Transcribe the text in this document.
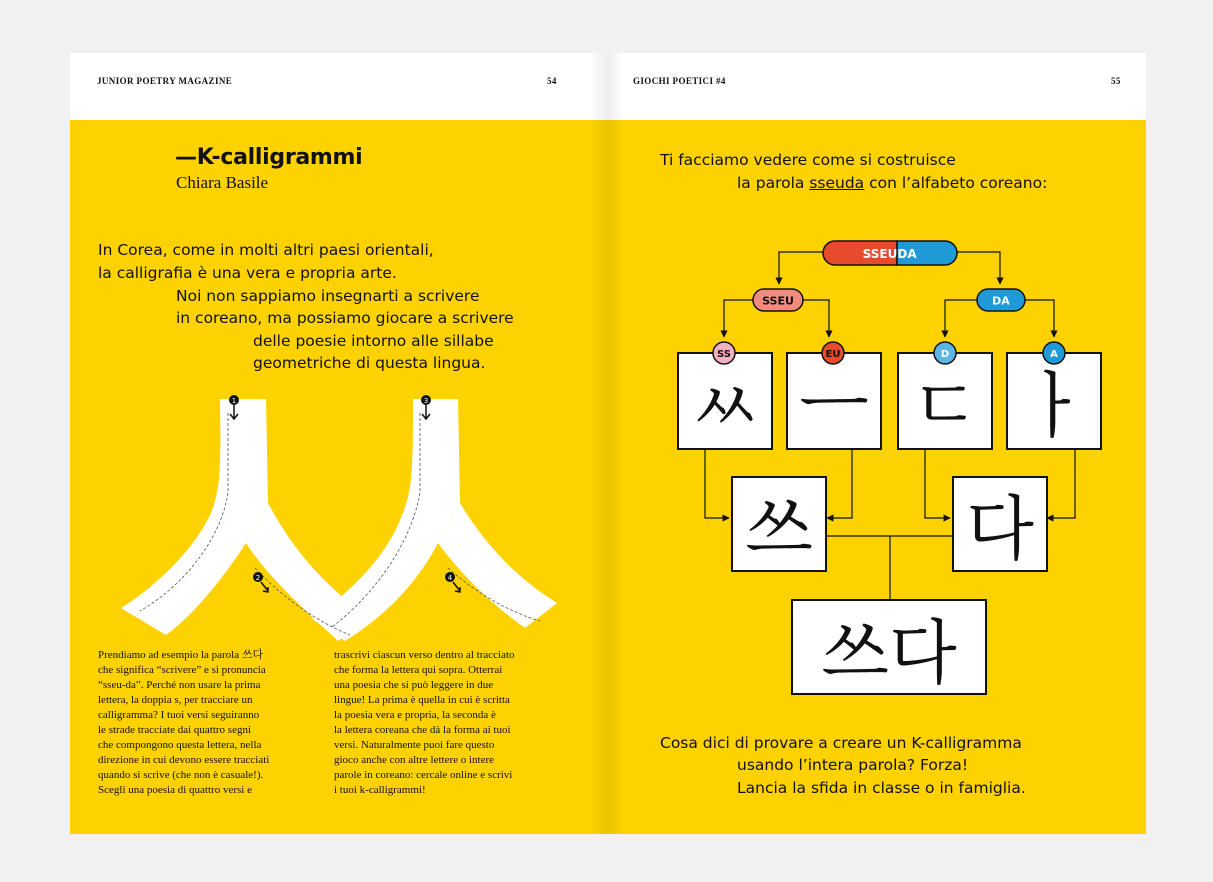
JUNIOR POETRY MAGAZINE	54
—K-calligrammi
Chiara Basile
In Corea, come in molti altri paesi orientali,
la calligrafia è una vera e propria arte.
Noi non sappiamo insegnarti a scrivere
in coreano, ma possiamo giocare a scrivere
delle poesie intorno alle sillabe
geometriche di questa lingua.
1
2
3
4
Prendiamo ad esempio la parola 쓰다
che significa “scrivere” e si pronuncia
“sseu-da”. Perché non usare la prima
lettera, la doppia s, per tracciare un
calligramma? I tuoi versi seguiranno
le strade tracciate dai quattro segni
che compongono questa lettera, nella
direzione in cui devono essere tracciati
quando si scrive (che non è casuale!).
Scegli una poesia di quattro versi e
trascrivi ciascun verso dentro al tracciato
che forma la lettera qui sopra. Otterrai
una poesia che si può leggere in due
lingue! La prima è quella in cui è scritta
la poesia vera e propria, la seconda è
la lettera coreana che dà la forma ai tuoi
versi. Naturalmente puoi fare questo
gioco anche con altre lettere o intere
parole in coreano: cercale online e scrivi
i tuoi k-calligrammi!
GIOCHI POETICI #4	55
Ti facciamo vedere come si costruisce
la parola sseuda con l’alfabeto coreano:
SSEU DA
SSEU	DA
ㅆ ㅡ ㄷ ㅏ
SS	EU	D	A
쓰 다
쓰다
Cosa dici di provare a creare un K-calligramma
usando l’intera parola? Forza!
Lancia la sfida in classe o in famiglia.
